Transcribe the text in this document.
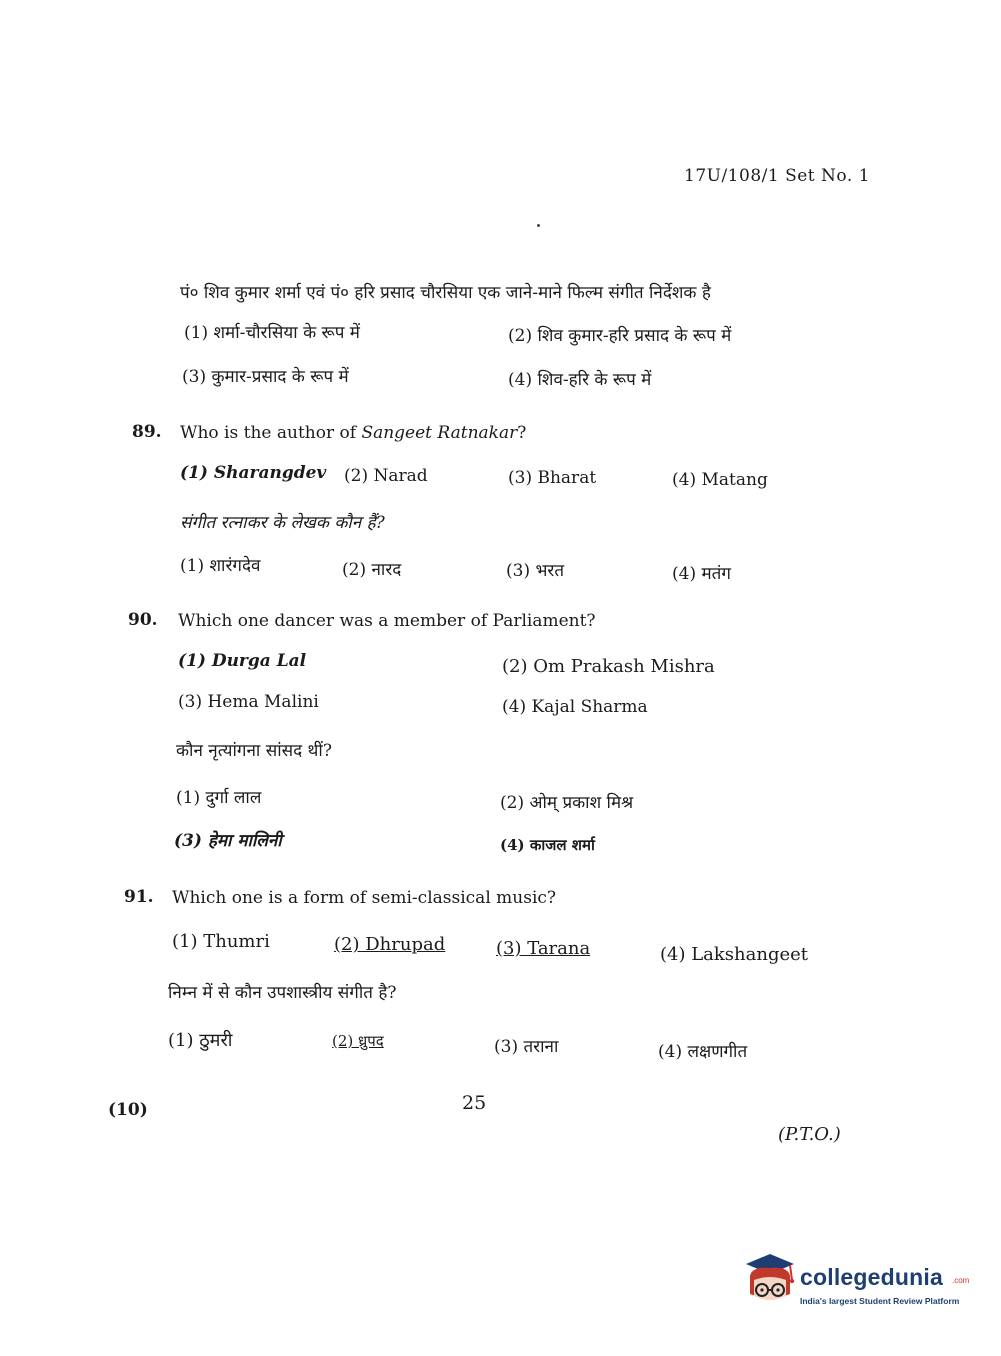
17U/108/1 Set No. 1
पं० शिव कुमार शर्मा एवं पं० हरि प्रसाद चौरसिया एक जाने-माने फिल्म संगीत निर्देशक है
(1) शर्मा-चौरसिया के रूप में	(2) शिव कुमार-हरि प्रसाद के रूप में
(3) कुमार-प्रसाद के रूप में	(4) शिव-हरि के रूप में
89. Who is the author of Sangeet Ratnakar?
(1) Sharangdev (2) Narad	(3) Bharat	(4) Matang
संगीत रत्नाकर के लेखक कौन हैं?
(1) शारंगदेव	(2) नारद	(3) भरत	(4) मतंग
90. Which one dancer was a member of Parliament?
(1) Durga Lal	(2) Om Prakash Mishra
(3) Hema Malini	(4) Kajal Sharma
कौन नृत्यांगना सांसद थीं?
(1) दुर्गा लाल	(2) ओम् प्रकाश मिश्र
(3) हेमा मालिनी	(4) काजल शर्मा
91. Which one is a form of semi-classical music?
(1) Thumri	(2) Dhrupad	(3) Tarana	(4) Lakshangeet
निम्न में से कौन उपशास्त्रीय संगीत है?
(1) ठुमरी	(2) ध्रुपद	(3) तराना	(4) लक्षणगीत
(10)	25
(P.T.O.)
collegedunia .com
India's largest Student Review Platform
